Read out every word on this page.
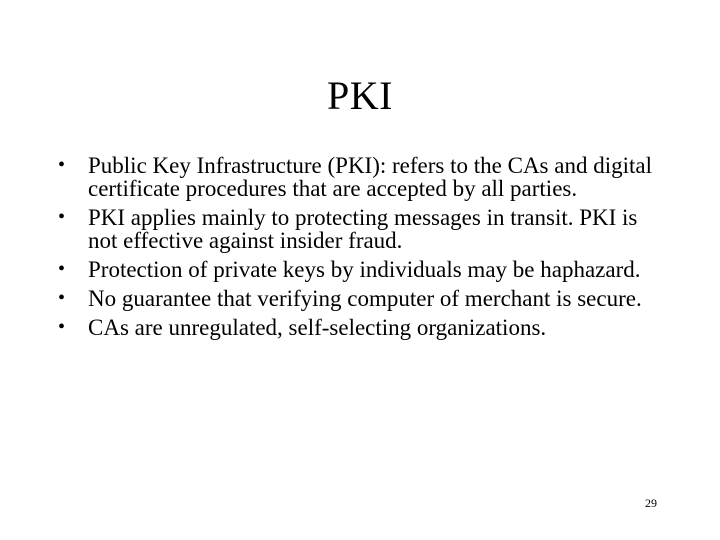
PKI
• Public Key Infrastructure (PKI): refers to the CAs and digital certificate procedures that are accepted by all parties.
• PKI applies mainly to protecting messages in transit. PKI is not effective against insider fraud.
• Protection of private keys by individuals may be haphazard.
• No guarantee that verifying computer of merchant is secure.
• CAs are unregulated, self-selecting organizations.
29
